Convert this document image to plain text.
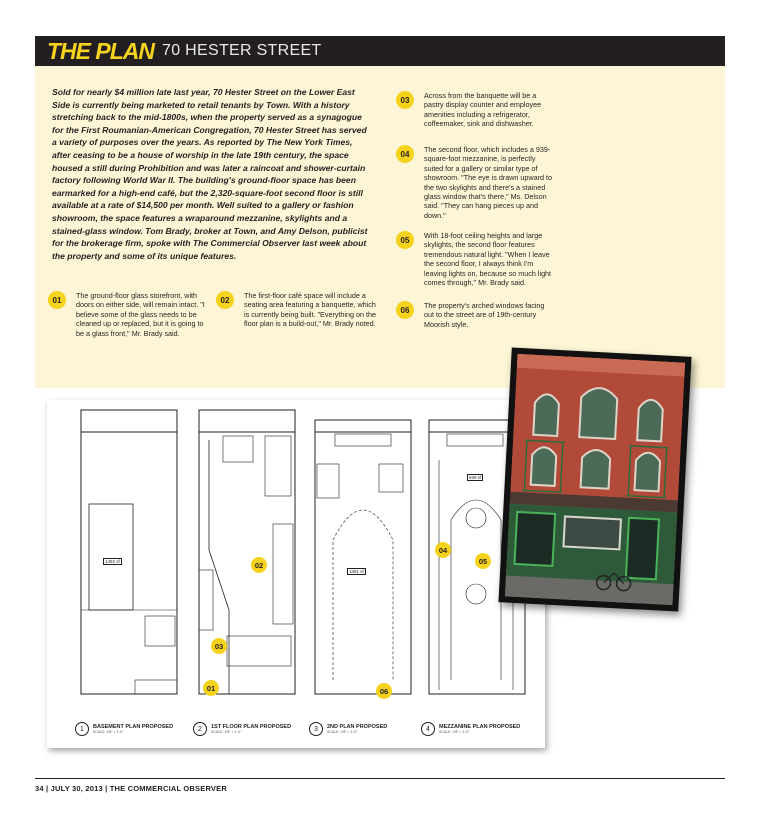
THE PLAN 70 HESTER STREET

Sold for nearly $4 million late last year, 70 Hester Street on the Lower East Side is currently being marketed to retail tenants by Town. With a history stretching back to the mid-1800s, when the property served as a synagogue for the First Roumanian-American Congregation, 70 Hester Street has served a variety of purposes over the years. As reported by The New York Times, after ceasing to be a house of worship in the late 19th century, the space housed a still during Prohibition and was later a raincoat and shower-curtain factory following World War II. The building's ground-floor space has been earmarked for a high-end café, but the 2,320-square-foot second floor is still available at a rate of $14,500 per month. Well suited to a gallery or fashion showroom, the space features a wraparound mezzanine, skylights and a stained-glass window. Tom Brady, broker at Town, and Amy Delson, publicist for the brokerage firm, spoke with The Commercial Observer last week about the property and some of its unique features.

01	The ground-floor glass storefront, with doors on either side, will remain intact. "I believe some of the glass needs to be cleaned up or replaced, but it is going to be a glass front," Mr. Brady said.

02	The first-floor café space will include a seating area featuring a banquette, which is currently being built. "Everything on the floor plan is a build-out," Mr. Brady noted.

03	Across from the banquette will be a pastry display counter and employee amenities including a refrigerator, coffeemaker, sink and dishwasher.

04	The second floor, which includes a 939-square-foot mezzanine, is perfectly suited for a gallery or similar type of showroom. "The eye is drawn upward to the two skylights and there's a stained glass window that's there," Ms. Delson said. "They can hang pieces up and down."

05	With 18-foot ceiling heights and large skylights, the second floor features tremendous natural light. "When I leave the second floor, I always think I'm leaving lights on, because so much light comes through," Mr. Brady said.

06	The property's arched windows facing out to the street are of 19th-century Moorish style.

1492 sf
1381 sf
939 sf
01
02
03
04
05
06
1	BASEMENT PLAN PROPOSED
SCALE: 1/8" = 1'-0"	2	1ST FLOOR PLAN PROPOSED
SCALE: 1/8" = 1'-0"	3	2ND PLAN PROPOSED
SCALE: 1/8" = 1'-0"	4	MEZZANINE PLAN PROPOSED
SCALE: 1/8" = 1'-0"
34 | JULY 30, 2013 | THE COMMERCIAL OBSERVER
